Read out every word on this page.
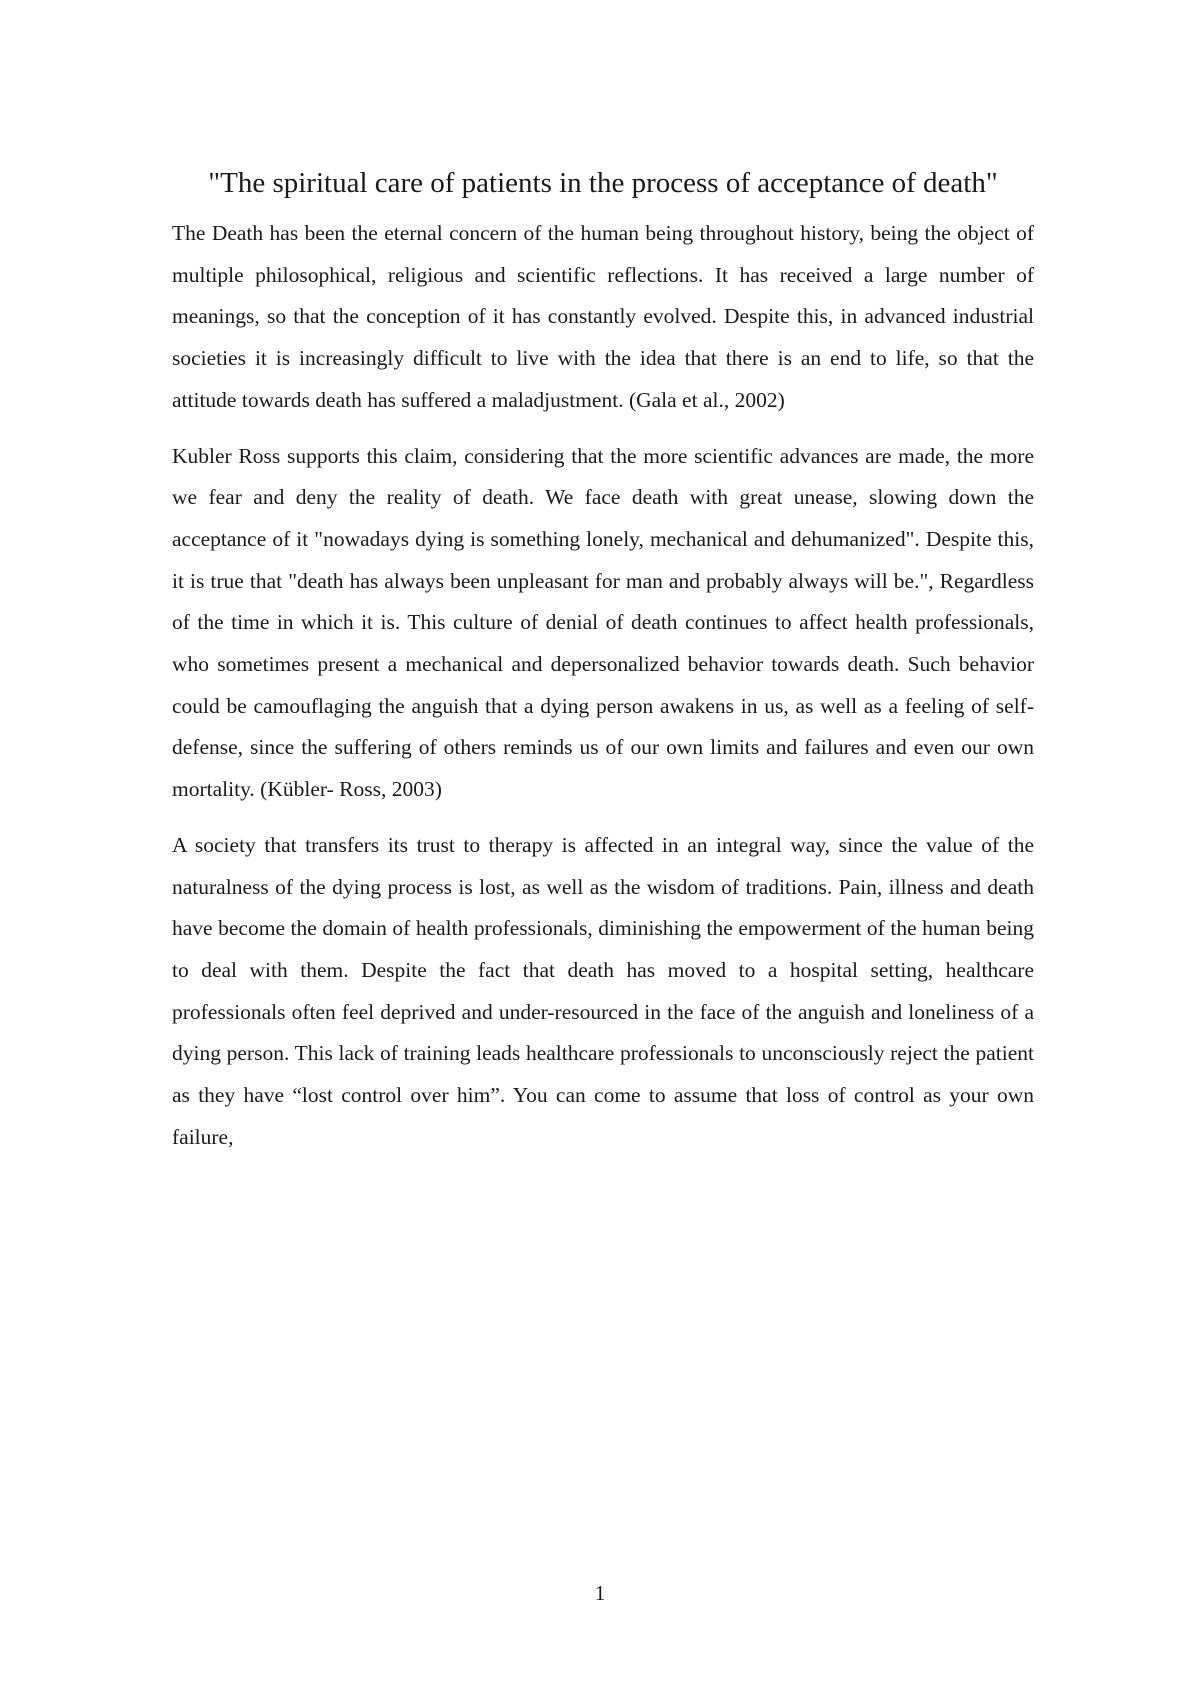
"The spiritual care of patients in the process of acceptance of death"

The Death has been the eternal concern of the human being throughout history, being the object of multiple philosophical, religious and scientific reflections. It has received a large number of meanings, so that the conception of it has constantly evolved. Despite this, in advanced industrial societies it is increasingly difficult to live with the idea that there is an end to life, so that the attitude towards death has suffered a maladjustment. (Gala et al., 2002)

Kubler Ross supports this claim, considering that the more scientific advances are made, the more we fear and deny the reality of death. We face death with great unease, slowing down the acceptance of it "nowadays dying is something lonely, mechanical and dehumanized". Despite this, it is true that "death has always been unpleasant for man and probably always will be.", Regardless of the time in which it is. This culture of denial of death continues to affect health professionals, who sometimes present a mechanical and depersonalized behavior towards death. Such behavior could be camouflaging the anguish that a dying person awakens in us, as well as a feeling of self-defense, since the suffering of others reminds us of our own limits and failures and even our own mortality. (Kübler- Ross, 2003)

A society that transfers its trust to therapy is affected in an integral way, since the value of the naturalness of the dying process is lost, as well as the wisdom of traditions. Pain, illness and death have become the domain of health professionals, diminishing the empowerment of the human being to deal with them. Despite the fact that death has moved to a hospital setting, healthcare professionals often feel deprived and under-resourced in the face of the anguish and loneliness of a dying person. This lack of training leads healthcare professionals to unconsciously reject the patient as they have “lost control over him”. You can come to assume that loss of control as your own failure,

1
